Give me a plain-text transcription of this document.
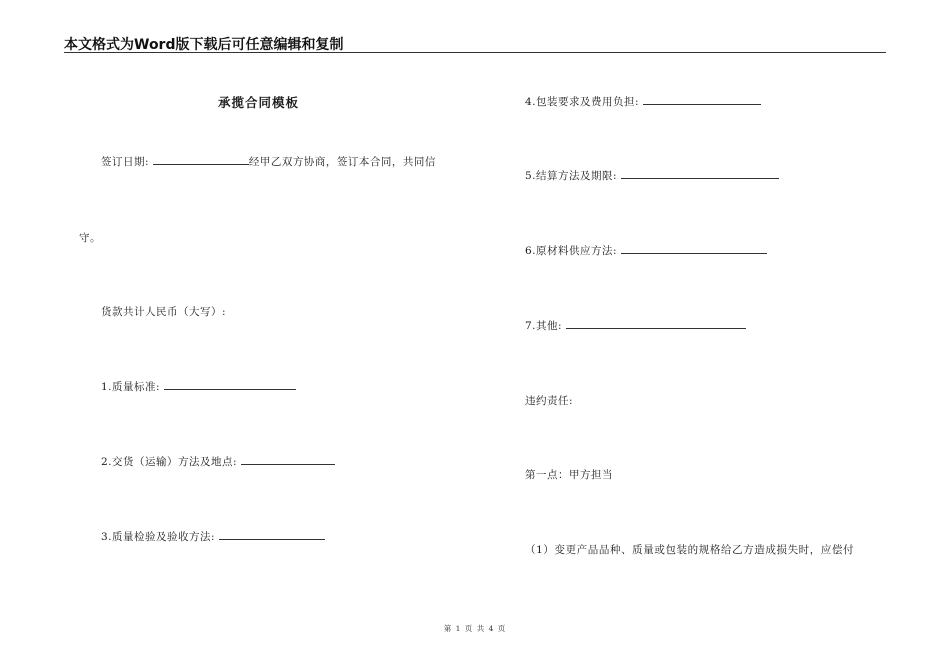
本文格式为Word版下载后可任意编辑和复制
承揽合同模板
签订日期:	经甲乙双方协商，签订本合同，共同信
守。
货款共计人民币（大写）:
1.质量标准:
2.交货（运输）方法及地点:
3.质量检验及验收方法:
4.包装要求及费用负担:
5.结算方法及期限:
6.原材料供应方法:
7.其他:
违约责任:
第一点：甲方担当
（1）变更产品品种、质量或包装的规格给乙方造成损失时，应偿付
第 1 页 共 4 页
